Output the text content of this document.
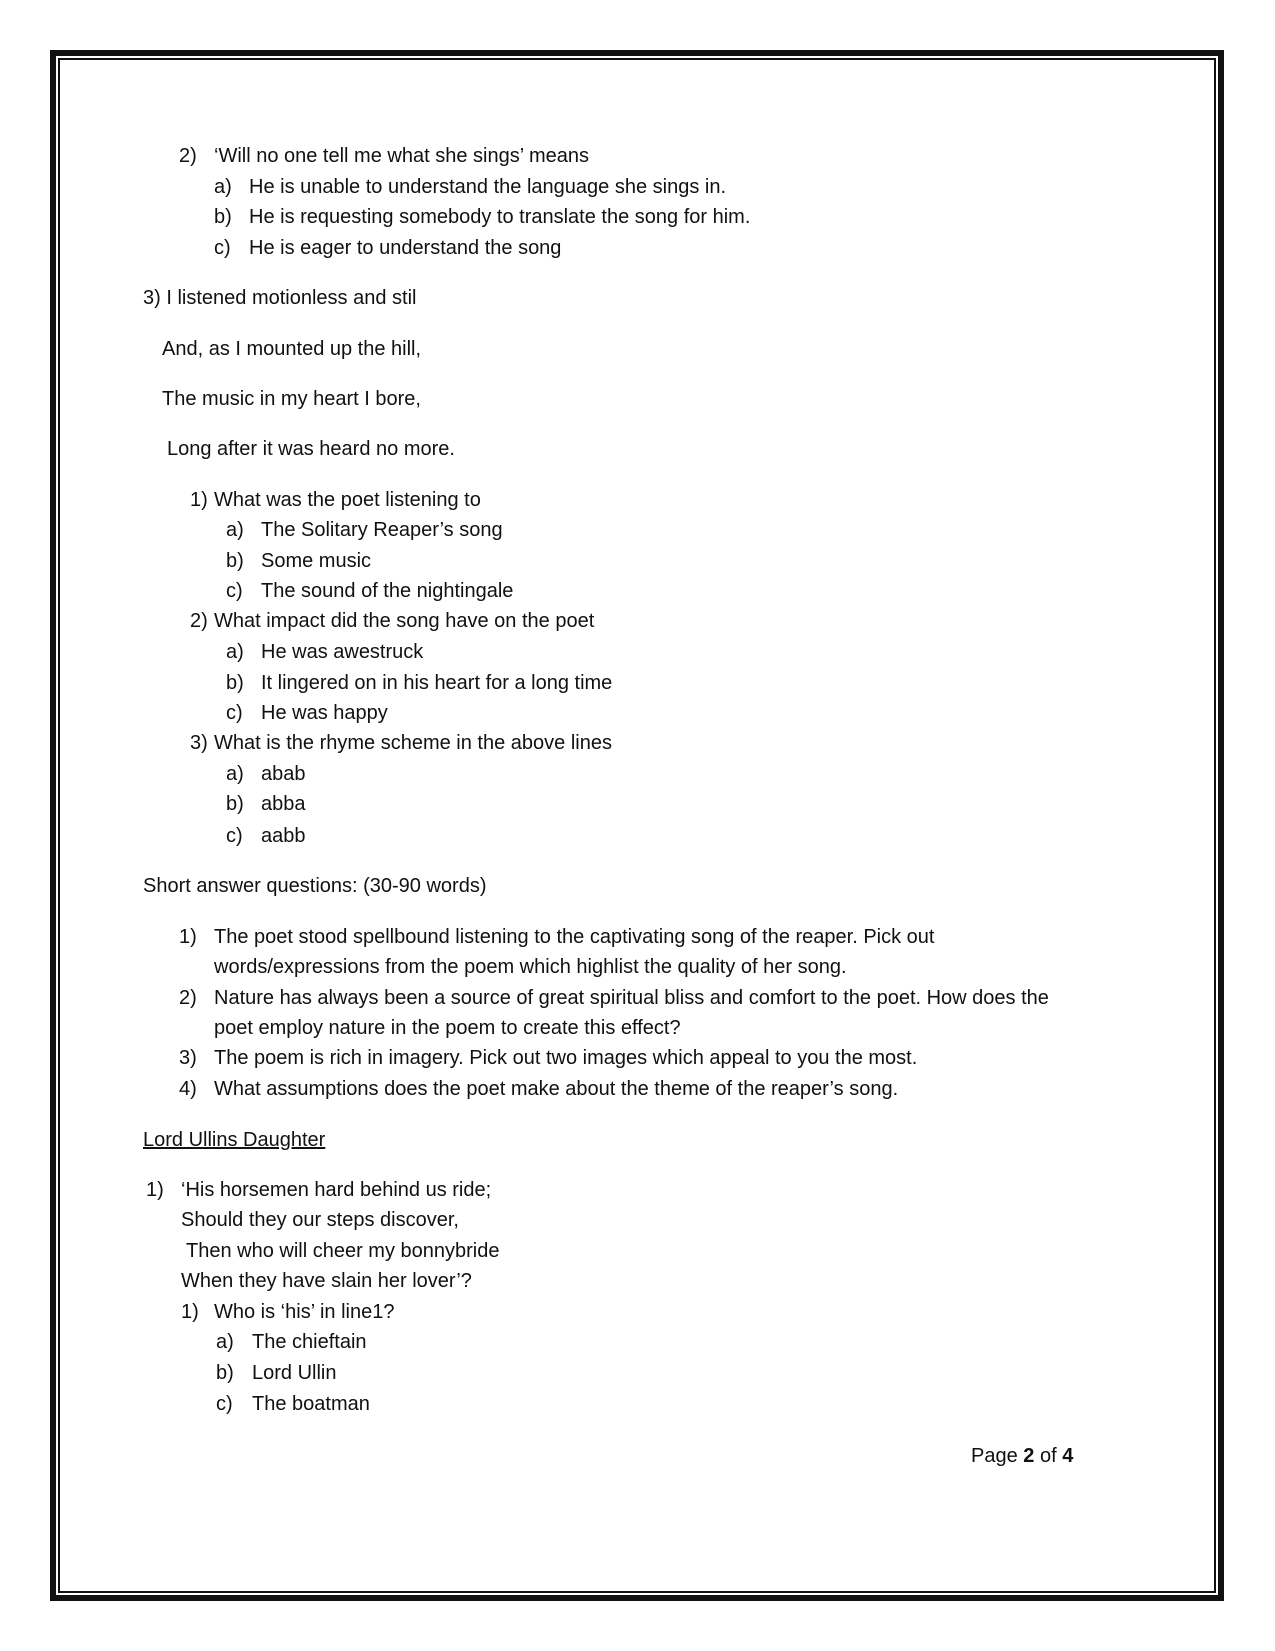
2) ‘Will no one tell me what she sings’ means
a) He is unable to understand the language she sings in.
b) He is requesting somebody to translate the song for him.
c) He is eager to understand the song
3) I listened motionless and stil
And, as I mounted up the hill,
The music in my heart I bore,
Long after it was heard no more.
1) What was the poet listening to
a) The Solitary Reaper’s song
b) Some music
c) The sound of the nightingale
2) What impact did the song have on the poet
a) He was awestruck
b) It lingered on in his heart for a long time
c) He was happy
3) What is the rhyme scheme in the above lines
a) abab
b) abba
c) aabb
Short answer questions: (30-90 words)
1) The poet stood spellbound listening to the captivating song of the reaper. Pick out
words/expressions from the poem which highlist the quality of her song.
2) Nature has always been a source of great spiritual bliss and comfort to the poet. How does the
poet employ nature in the poem to create this effect?
3) The poem is rich in imagery. Pick out two images which appeal to you the most.
4) What assumptions does the poet make about the theme of the reaper’s song.
Lord Ullins Daughter
1) ‘His horsemen hard behind us ride;
Should they our steps discover,
Then who will cheer my bonnybride
When they have slain her lover’?
1) Who is ‘his’ in line1?
a) The chieftain
b) Lord Ullin
c) The boatman
Page 2 of 4
